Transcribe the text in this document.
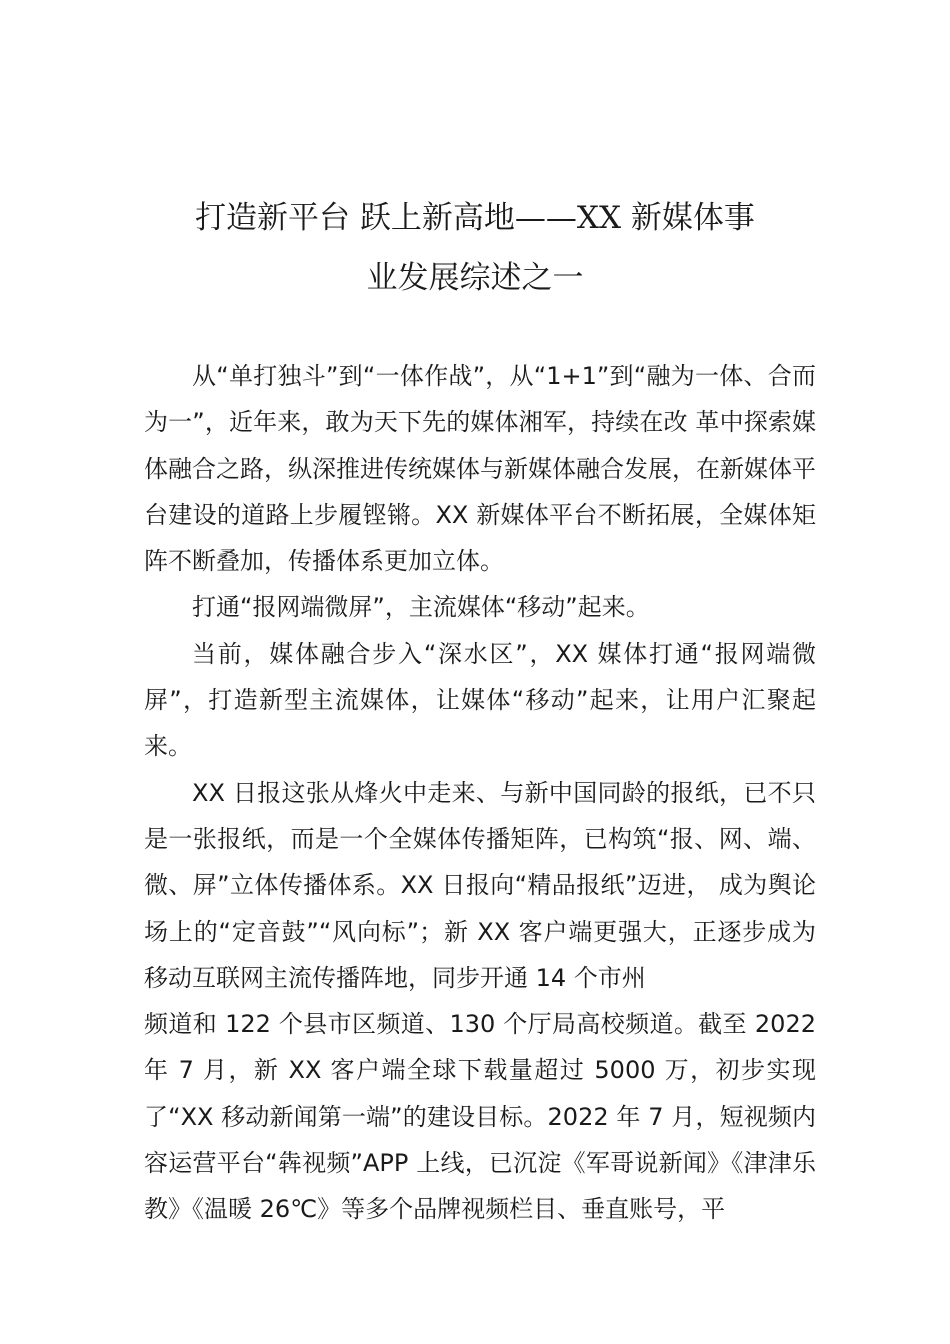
打造新平台 跃上新高地——XX 新媒体事
业发展综述之一

从“单打独斗”到“一体作战”，从“1+1”到“融为一体、合而为一”，近年来，敢为天下先的媒体湘军，持续在改 革中探索媒体融合之路，纵深推进传统媒体与新媒体融合发展，在新媒体平台建设的道路上步履铿锵。XX 新媒体平台不断拓展，全媒体矩阵不断叠加，传播体系更加立体。

打通“报网端微屏”，主流媒体“移动”起来。

当前，媒体融合步入“深水区”，XX 媒体打通“报网端微屏”，打造新型主流媒体，让媒体“移动”起来，让用户汇聚起来。

XX 日报这张从烽火中走来、与新中国同龄的报纸，已不只是一张报纸，而是一个全媒体传播矩阵，已构筑“报、网、端、微、屏”立体传播体系。XX 日报向“精品报纸”迈进， 成为舆论场上的“定音鼓”“风向标”；新 XX 客户端更强大，正逐步成为移动互联网主流传播阵地，同步开通 14 个市州

频道和 122 个县市区频道、130 个厅局高校频道。截至 2022 年 7 月，新 XX 客户端全球下载量超过 5000 万，初步实现了“XX 移动新闻第一端”的建设目标。2022 年 7 月，短视频内容运营平台“犇视频”APP 上线，已沉淀《军哥说新闻》《津津乐教》《温暖 26℃》等多个品牌视频栏目、垂直账号，平
